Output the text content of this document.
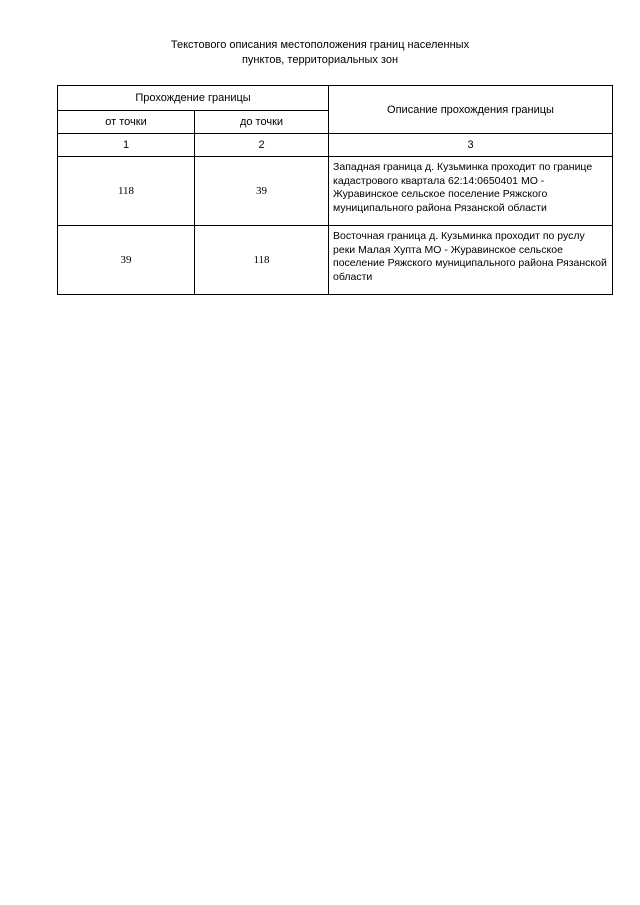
Текстового описания местоположения границ населенных
пунктов, территориальных зон
Прохождение границы		Описание прохождения границы
от точки	до точки	
1	2	3
118	39	Западная граница д. Кузьминка проходит по границе кадастрового квартала 62:14:0650401 МО - Журавинское сельское поселение Ряжского муниципального района Рязанской области
39	118	Восточная граница д. Кузьминка проходит по руслу реки Малая Хупта МО - Журавинское сельское поселение Ряжского муниципального района Рязанской области
